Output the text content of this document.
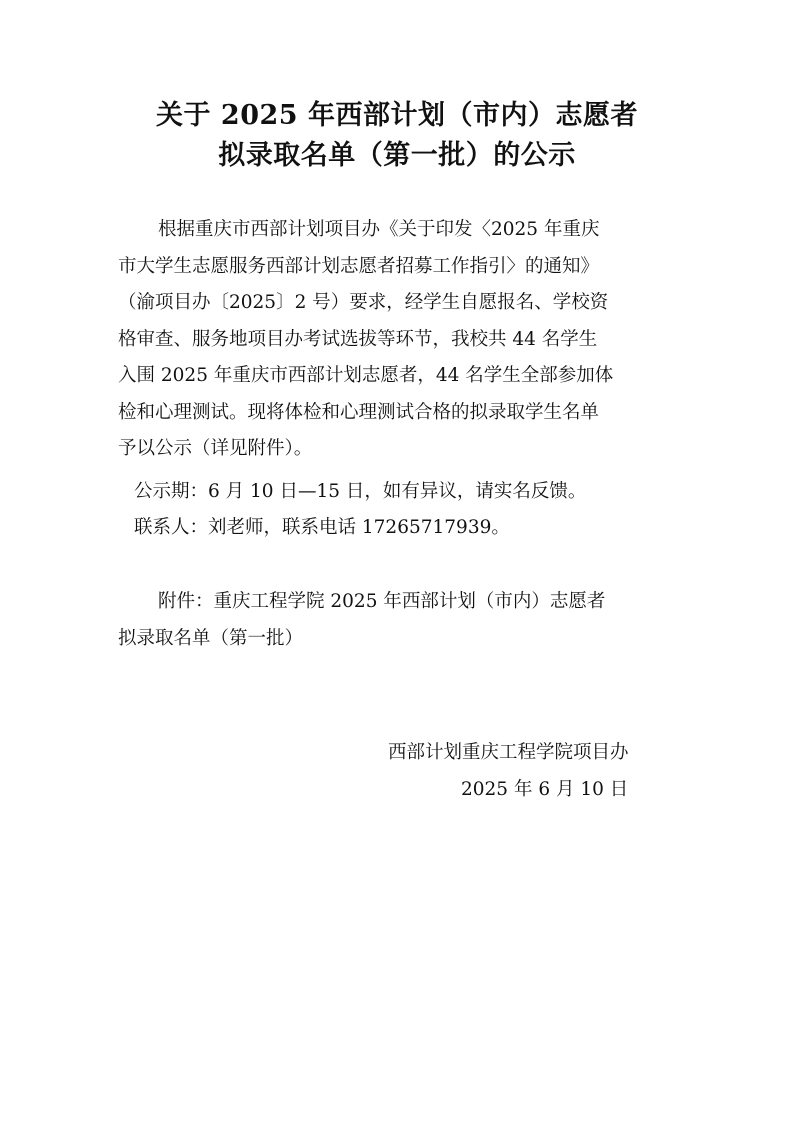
关于 2025 年西部计划（市内）志愿者
拟录取名单（第一批）的公示
根据重庆市西部计划项目办《关于印发〈2025 年重庆
市大学生志愿服务西部计划志愿者招募工作指引〉的通知》
（渝项目办〔2025〕2 号）要求，经学生自愿报名、学校资
格审查、服务地项目办考试选拔等环节，我校共 44 名学生
入围 2025 年重庆市西部计划志愿者，44 名学生全部参加体
检和心理测试。现将体检和心理测试合格的拟录取学生名单
予以公示（详见附件）。
公示期：6 月 10 日—15 日，如有异议，请实名反馈。
联系人：刘老师，联系电话 17265717939。
附件：重庆工程学院 2025 年西部计划（市内）志愿者
拟录取名单（第一批）
西部计划重庆工程学院项目办
2025 年 6 月 10 日
